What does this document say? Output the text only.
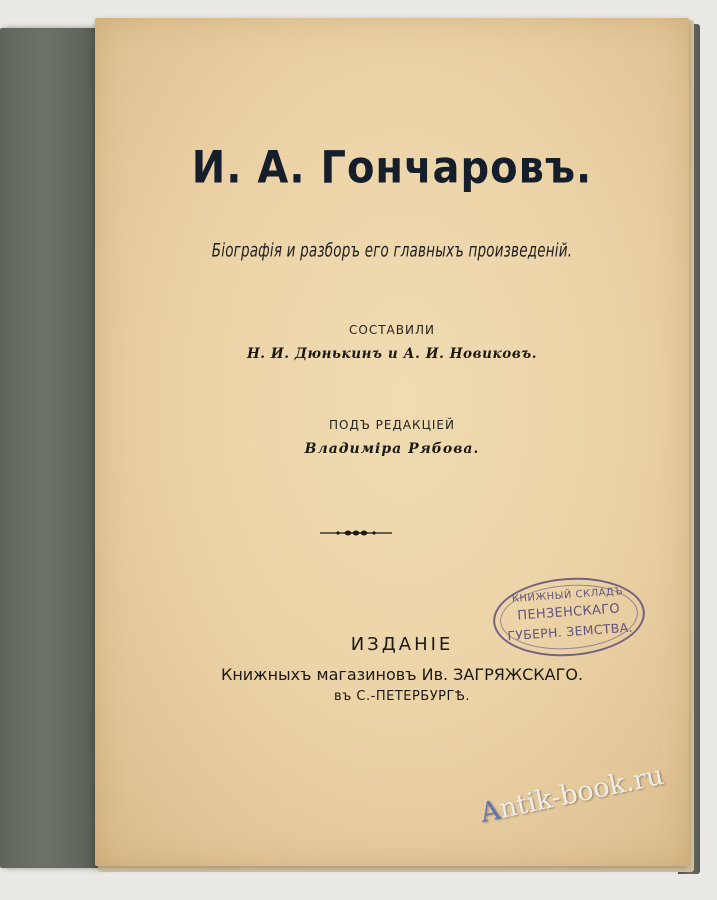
И. А. Гончаровъ.
Біографія и разборъ его главныхъ произведеній.
СОСТАВИЛИ
Н. И. Дюнькинъ и А. И. Новиковъ.
ПОДЪ РЕДАКЦІЕЙ
Владиміра Рябова.
КНИЖНЫЙ СКЛАДЪ
ПЕНЗЕНСКАГО
ГУБЕРН. ЗЕМСТВА.
ИЗДАНІЕ
Книжныхъ магазиновъ Ив. ЗАГРЯЖСКАГО.
въ С.-ПЕТЕРБУРГѢ.
Antik-book.ru
